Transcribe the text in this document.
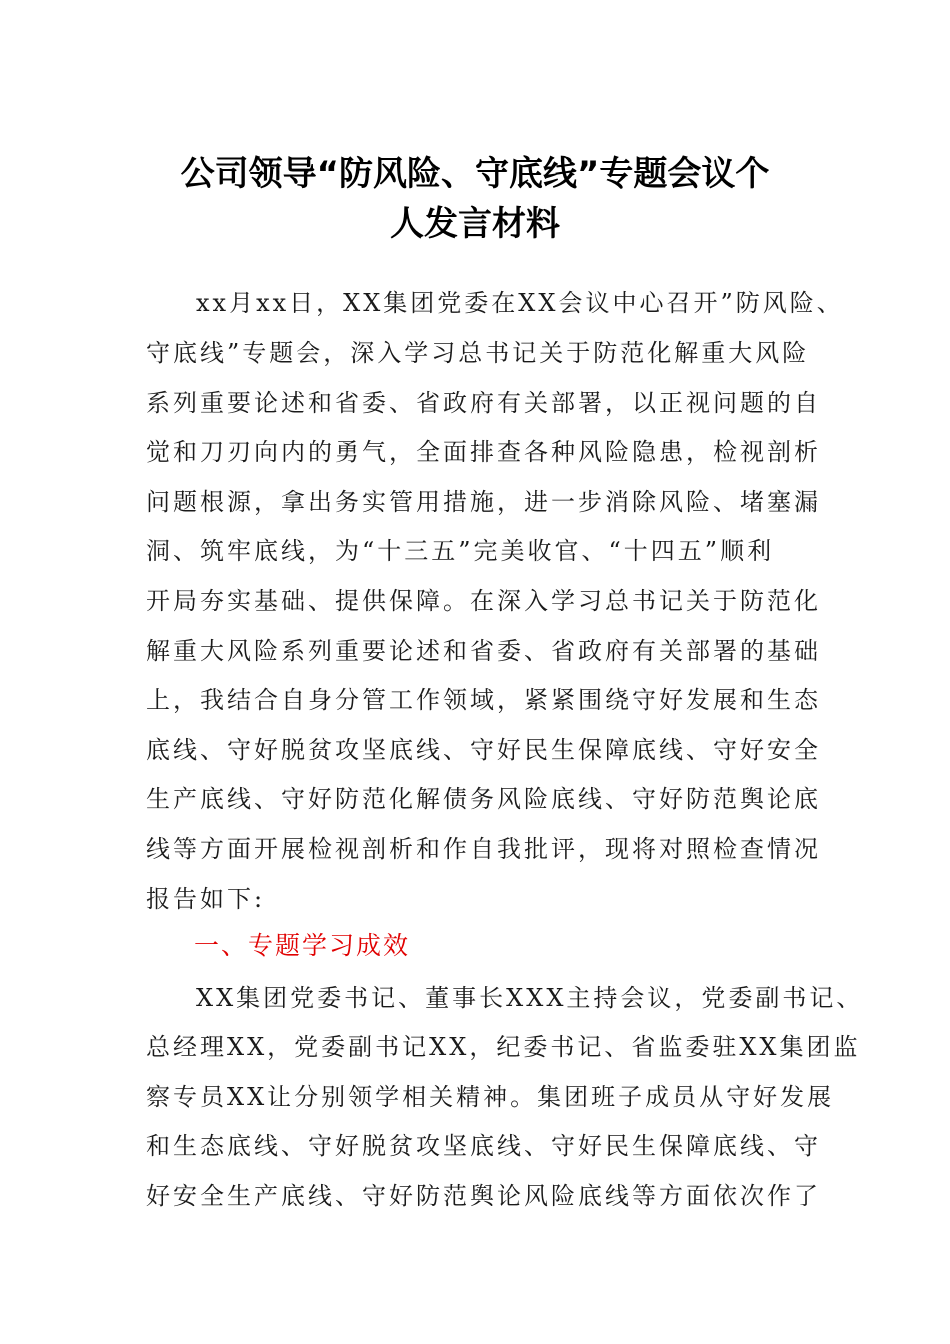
公司领导“防风险、守底线”专题会议个
人发言材料
xx月xx日，XX集团党委在XX会议中心召开”防风险、
守底线”专题会，深入学习总书记关于防范化解重大风险
系列重要论述和省委、省政府有关部署，以正视问题的自
觉和刀刃向内的勇气，全面排查各种风险隐患，检视剖析
问题根源，拿出务实管用措施，进一步消除风险、堵塞漏
洞、筑牢底线，为“十三五”完美收官、“十四五”顺利
开局夯实基础、提供保障。在深入学习总书记关于防范化
解重大风险系列重要论述和省委、省政府有关部署的基础
上，我结合自身分管工作领域，紧紧围绕守好发展和生态
底线、守好脱贫攻坚底线、守好民生保障底线、守好安全
生产底线、守好防范化解债务风险底线、守好防范舆论底
线等方面开展检视剖析和作自我批评，现将对照检查情况
报告如下:
一、专题学习成效
XX集团党委书记、董事长XXX主持会议，党委副书记、
总经理XX，党委副书记XX，纪委书记、省监委驻XX集团监
察专员XX让分别领学相关精神。集团班子成员从守好发展
和生态底线、守好脱贫攻坚底线、守好民生保障底线、守
好安全生产底线、守好防范舆论风险底线等方面依次作了
